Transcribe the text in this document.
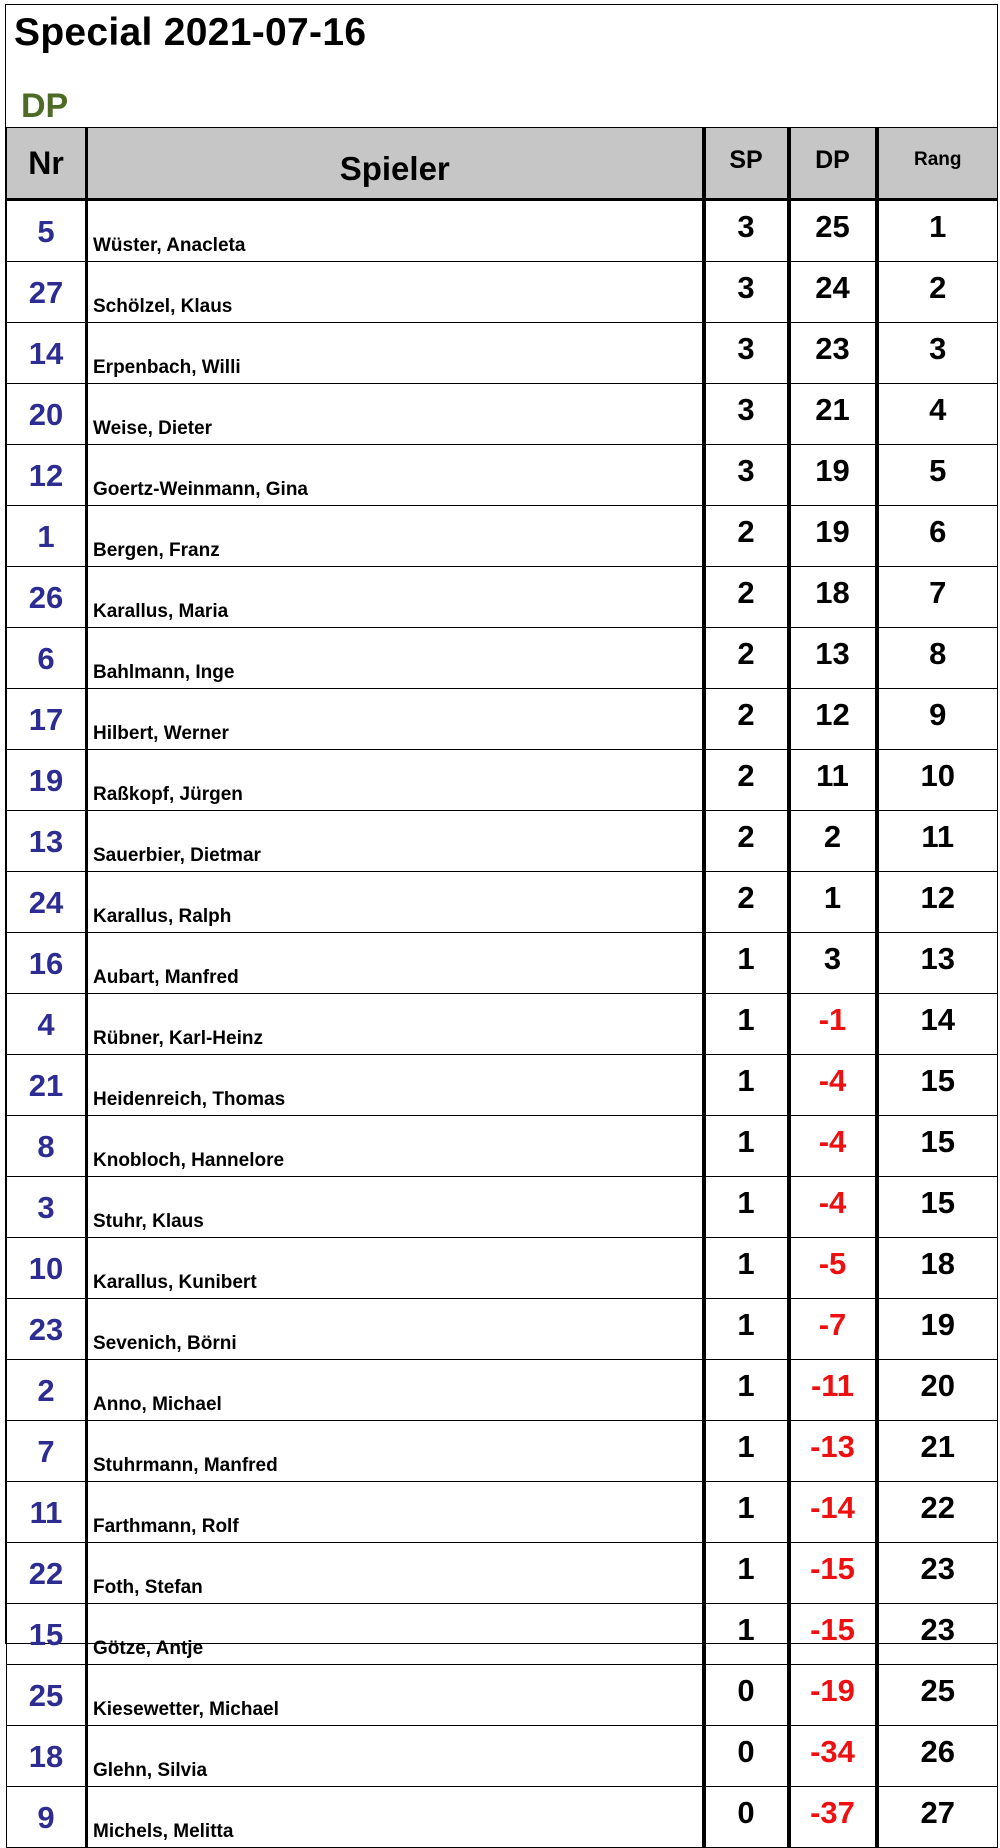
Special 2021-07-16
DP
Nr	Spieler	SP	DP	Rang
5	Wüster, Anacleta	3	25	1
27	Schölzel, Klaus	3	24	2
14	Erpenbach, Willi	3	23	3
20	Weise, Dieter	3	21	4
12	Goertz-Weinmann, Gina	3	19	5
1	Bergen, Franz	2	19	6
26	Karallus, Maria	2	18	7
6	Bahlmann, Inge	2	13	8
17	Hilbert, Werner	2	12	9
19	Raßkopf, Jürgen	2	11	10
13	Sauerbier, Dietmar	2	2	11
24	Karallus, Ralph	2	1	12
16	Aubart, Manfred	1	3	13
4	Rübner, Karl-Heinz	1	-1	14
21	Heidenreich, Thomas	1	-4	15
8	Knobloch, Hannelore	1	-4	15
3	Stuhr, Klaus	1	-4	15
10	Karallus, Kunibert	1	-5	18
23	Sevenich, Börni	1	-7	19
2	Anno, Michael	1	-11	20
7	Stuhrmann, Manfred	1	-13	21
11	Farthmann, Rolf	1	-14	22
22	Foth, Stefan	1	-15	23
15	Götze, Antje	1	-15	23
25	Kiesewetter, Michael	0	-19	25
18	Glehn, Silvia	0	-34	26
9	Michels, Melitta	0	-37	27
